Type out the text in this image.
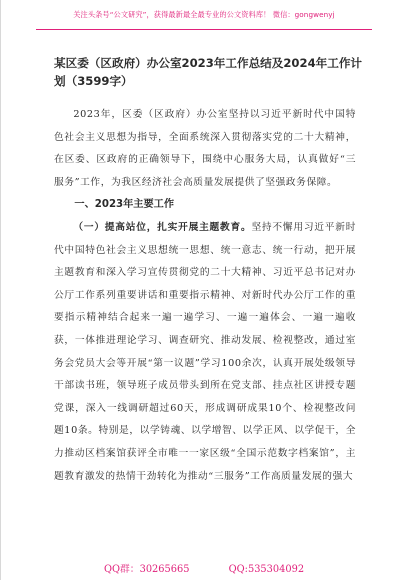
关注头条号“公文研究”，获得最新最全最专业的公文资料库！ 微信：gongwenyj

某区委（区政府）办公室2023年工作总结及2024年工作计

划（3599字）

2023年，区委（区政府）办公室坚持以习近平新时代中国特色社会主义思想为指导，全面系统深入贯彻落实党的二十大精神，在区委、区政府的正确领导下，围绕中心服务大局，认真做好“三服务”工作，为我区经济社会高质量发展提供了坚强政务保障。

一、2023年主要工作

（一）提高站位，扎实开展主题教育。坚持不懈用习近平新时代中国特色社会主义思想统一思想、统一意志、统一行动，把开展主题教育和深入学习宣传贯彻党的二十大精神、习近平总书记对办公厅工作系列重要讲话和重要指示精神、对新时代办公厅工作的重要指示精神结合起来一遍一遍学习、一遍一遍体会、一遍一遍收获，一体推进理论学习、调查研究、推动发展、检视整改，通过室务会党员大会等开展“第一议题”学习100余次，认真开展处级领导干部读书班，领导班子成员带头到所在党支部、挂点社区讲授专题党课，深入一线调研超过60天，形成调研成果10个、检视整改问题10条。特别是，以学铸魂、以学增智、以学正风、以学促干，全力推动区档案馆获评全市唯一一家区级“全国示范数字档案馆”，主题教育激发的热情干劲转化为推动“三服务”工作高质量发展的强大

QQ群：30265665	QQ:535304092
